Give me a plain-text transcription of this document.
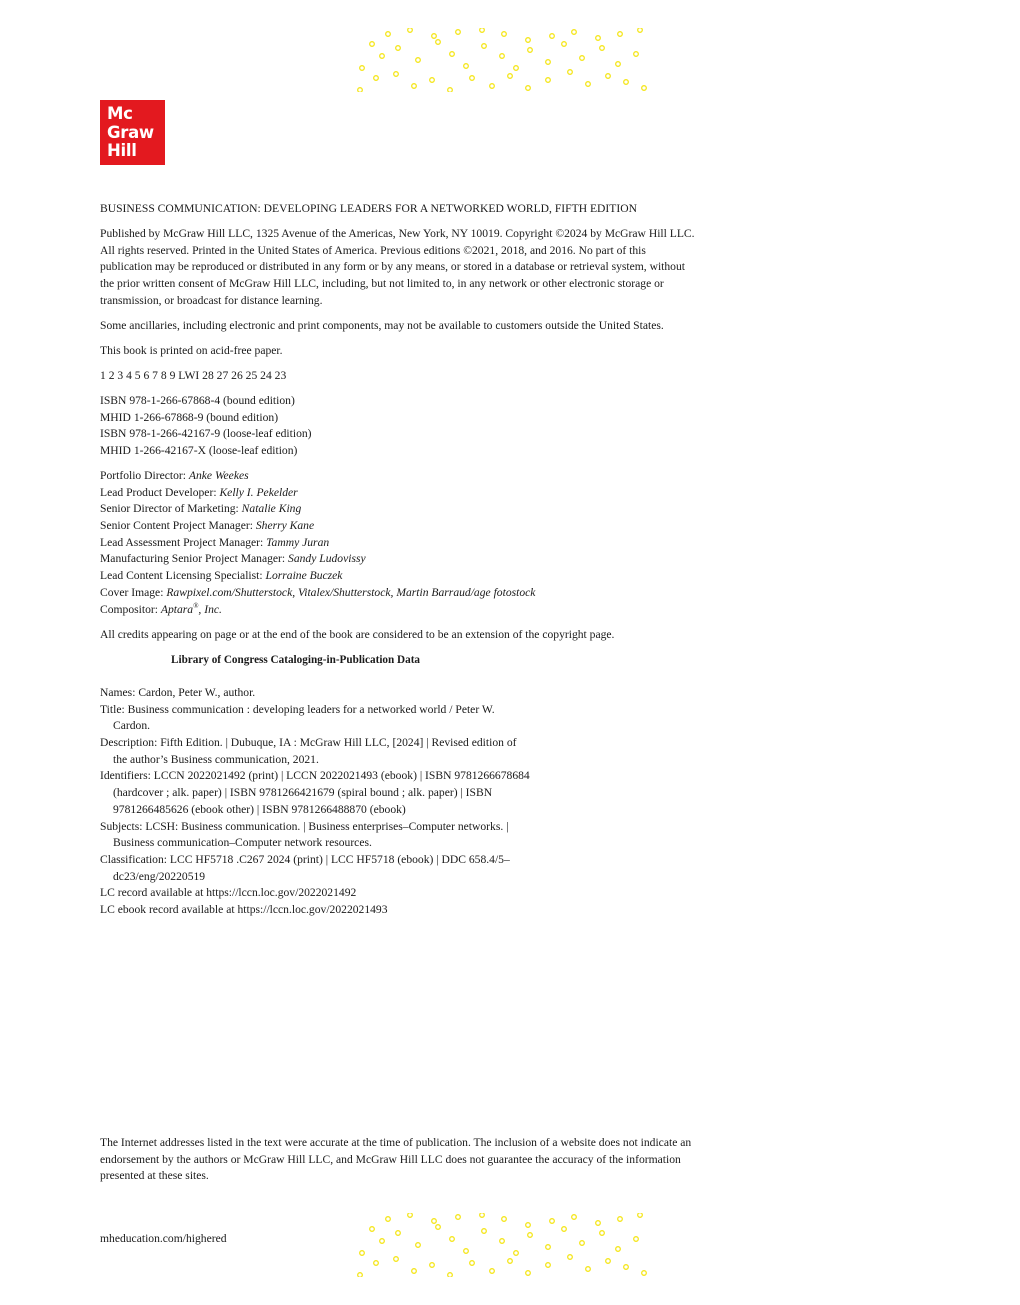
Mc
Graw
Hill

BUSINESS COMMUNICATION: DEVELOPING LEADERS FOR A NETWORKED WORLD, FIFTH EDITION

Published by McGraw Hill LLC, 1325 Avenue of the Americas, New York, NY 10019. Copyright ©2024 by McGraw Hill LLC. All rights reserved. Printed in the United States of America. Previous editions ©2021, 2018, and 2016. No part of this publication may be reproduced or distributed in any form or by any means, or stored in a database or retrieval system, without the prior written consent of McGraw Hill LLC, including, but not limited to, in any network or other electronic storage or transmission, or broadcast for distance learning.

Some ancillaries, including electronic and print components, may not be available to customers outside the United States.

This book is printed on acid-free paper.

1 2 3 4 5 6 7 8 9 LWI 28 27 26 25 24 23

ISBN 978-1-266-67868-4 (bound edition)
MHID 1-266-67868-9 (bound edition)
ISBN 978-1-266-42167-9 (loose-leaf edition)
MHID 1-266-42167-X (loose-leaf edition)
Portfolio Director: Anke Weekes
Lead Product Developer: Kelly I. Pekelder
Senior Director of Marketing: Natalie King
Senior Content Project Manager: Sherry Kane
Lead Assessment Project Manager: Tammy Juran
Manufacturing Senior Project Manager: Sandy Ludovissy
Lead Content Licensing Specialist: Lorraine Buczek
Cover Image: Rawpixel.com/Shutterstock, Vitalex/Shutterstock, Martin Barraud/age fotostock
Compositor: Aptara®, Inc.

All credits appearing on page or at the end of the book are considered to be an extension of the copyright page.

Library of Congress Cataloging-in-Publication Data
Names: Cardon, Peter W., author.
Title: Business communication : developing leaders for a networked world / Peter W. Cardon.
Description: Fifth Edition. | Dubuque, IA : McGraw Hill LLC, [2024] | Revised edition of the author’s Business communication, 2021.
Identifiers: LCCN 2022021492 (print) | LCCN 2022021493 (ebook) | ISBN 9781266678684 (hardcover ; alk. paper) | ISBN 9781266421679 (spiral bound ; alk. paper) | ISBN 9781266485626 (ebook other) | ISBN 9781266488870 (ebook)
Subjects: LCSH: Business communication. | Business enterprises–Computer networks. | Business communication–Computer network resources.
Classification: LCC HF5718 .C267 2024 (print) | LCC HF5718 (ebook) | DDC 658.4/5–dc23/eng/20220519
LC record available at https://lccn.loc.gov/2022021492
LC ebook record available at https://lccn.loc.gov/2022021493

The Internet addresses listed in the text were accurate at the time of publication. The inclusion of a website does not indicate an endorsement by the authors or McGraw Hill LLC, and McGraw Hill LLC does not guarantee the accuracy of the information presented at these sites.

mheducation.com/highered
